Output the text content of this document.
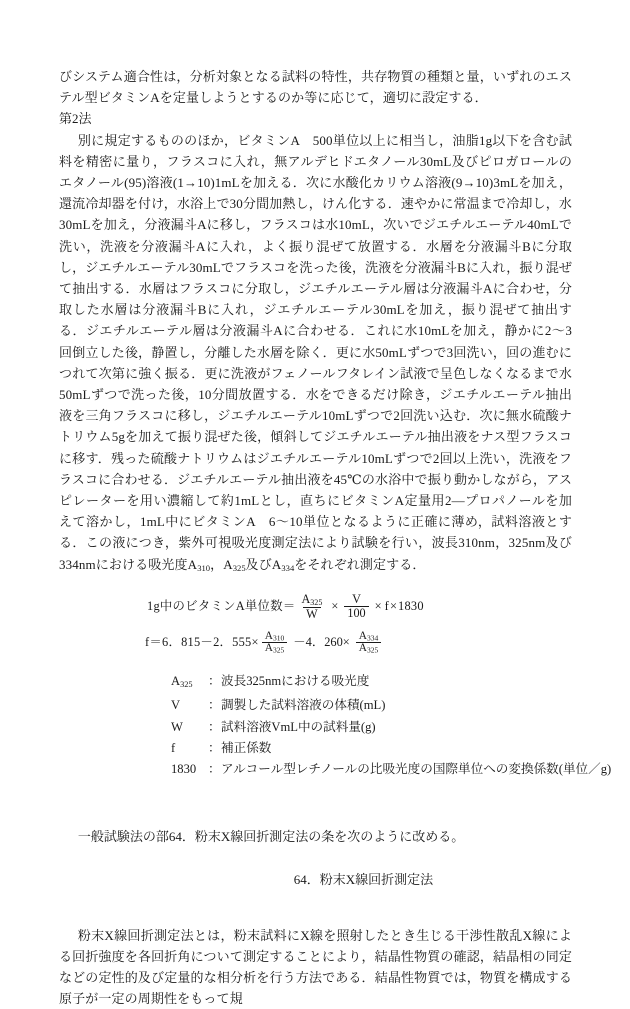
びシステム適合性は，分析対象となる試料の特性，共存物質の種類と量，いずれのエステル型ビタミンAを定量しようとするのか等に応じて，適切に設定する．

第2法

別に規定するもののほか，ビタミンA　500単位以上に相当し，油脂1g以下を含む試料を精密に量り，フラスコに入れ，無アルデヒドエタノール30mL及びピロガロールのエタノール(95)溶液(1→10)1mLを加える．次に水酸化カリウム溶液(9→10)3mLを加え，還流冷却器を付け，水浴上で30分間加熱し，けん化する．速やかに常温まで冷却し，水30mLを加え，分液漏斗Aに移し，フラスコは水10mL，次いでジエチルエーテル40mLで洗い，洗液を分液漏斗Aに入れ，よく振り混ぜて放置する．水層を分液漏斗Bに分取し，ジエチルエーテル30mLでフラスコを洗った後，洗液を分液漏斗Bに入れ，振り混ぜて抽出する．水層はフラスコに分取し，ジエチルエーテル層は分液漏斗Aに合わせ，分取した水層は分液漏斗Bに入れ，ジエチルエーテル30mLを加え，振り混ぜて抽出する．ジエチルエーテル層は分液漏斗Aに合わせる．これに水10mLを加え，静かに2〜3回倒立した後，静置し，分離した水層を除く．更に水50mLずつで3回洗い，回の進むにつれて次第に強く振る．更に洗液がフェノールフタレイン試液で呈色しなくなるまで水50mLずつで洗った後，10分間放置する．水をできるだけ除き，ジエチルエーテル抽出液を三角フラスコに移し，ジエチルエーテル10mLずつで2回洗い込む．次に無水硫酸ナトリウム5gを加えて振り混ぜた後，傾斜してジエチルエーテル抽出液をナス型フラスコに移す．残った硫酸ナトリウムはジエチルエーテル10mLずつで2回以上洗い，洗液をフラスコに合わせる．ジエチルエーテル抽出液を45℃の水浴中で振り動かしながら，アスピレーターを用い濃縮して約1mLとし，直ちにビタミンA定量用2—プロパノールを加えて溶かし，1mL中にビタミンA　6〜10単位となるように正確に薄め，試料溶液とする．この液につき，紫外可視吸光度測定法により試験を行い，波長310nm，325nm及び334nmにおける吸光度$A_{310}$，$A_{325}$及び$A_{334}$をそれぞれ測定する．

1g中のビタミンA単位数＝ $\frac{A_{325}}{W} \times \frac{V}{100} \times f \times 1830$
f＝6．815－2．$555\times \frac{A_{310}}{A_{325}} -4$．$260\times \frac{A_{334}}{A_{325}}$
$A_{325}$	： 波長325nmにおける吸光度
V	： 調製した試料溶液の体積(mL)
W	： 試料溶液VmL中の試料量(g)
f	： 補正係数
1830 ： アルコール型レチノールの比吸光度の国際単位への変換係数(単位／g)

一般試験法の部64．粉末X線回折測定法の条を次のように改める。

64．粉末X線回折測定法

粉末X線回折測定法とは，粉末試料にX線を照射したとき生じる干渉性散乱X線による回折強度を各回折角について測定することにより，結晶性物質の確認，結晶相の同定などの定性的及び定量的な相分析を行う方法である．結晶性物質では，物質を構成する原子が一定の周期性をもって規
